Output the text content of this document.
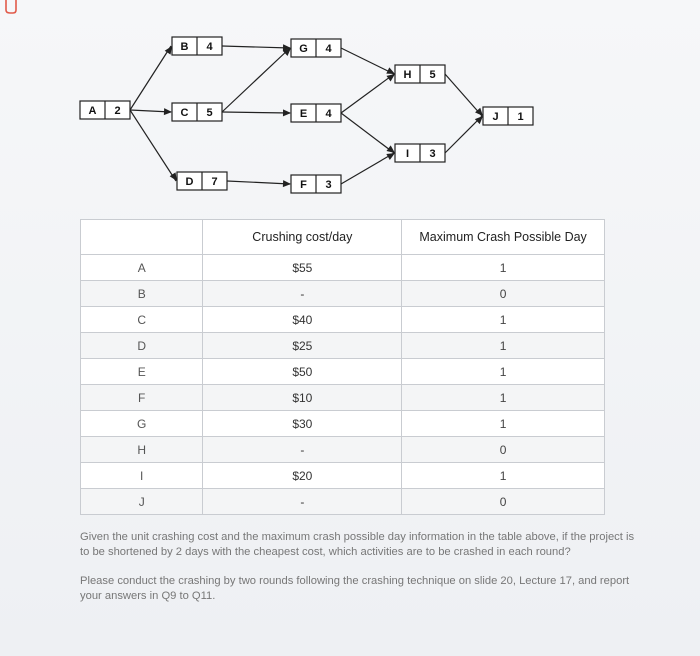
A 2
B 4
C 5
D 7
G 4
E 4
F 3
H 5
I 3
J 1
	Crushing cost/day	Maximum Crash Possible Day
A	$55	1
B	-	0
C	$40	1
D	$25	1
E	$50	1
F	$10	1
G	$30	1
H	-	0
I	$20	1
J	-	0

Given the unit crashing cost and the maximum crash possible day information in the table above, if the project is to be shortened by 2 days with the cheapest cost, which activities are to be crashed in each round?

Please conduct the crashing by two rounds following the crashing technique on slide 20, Lecture 17, and report your answers in Q9 to Q11.
